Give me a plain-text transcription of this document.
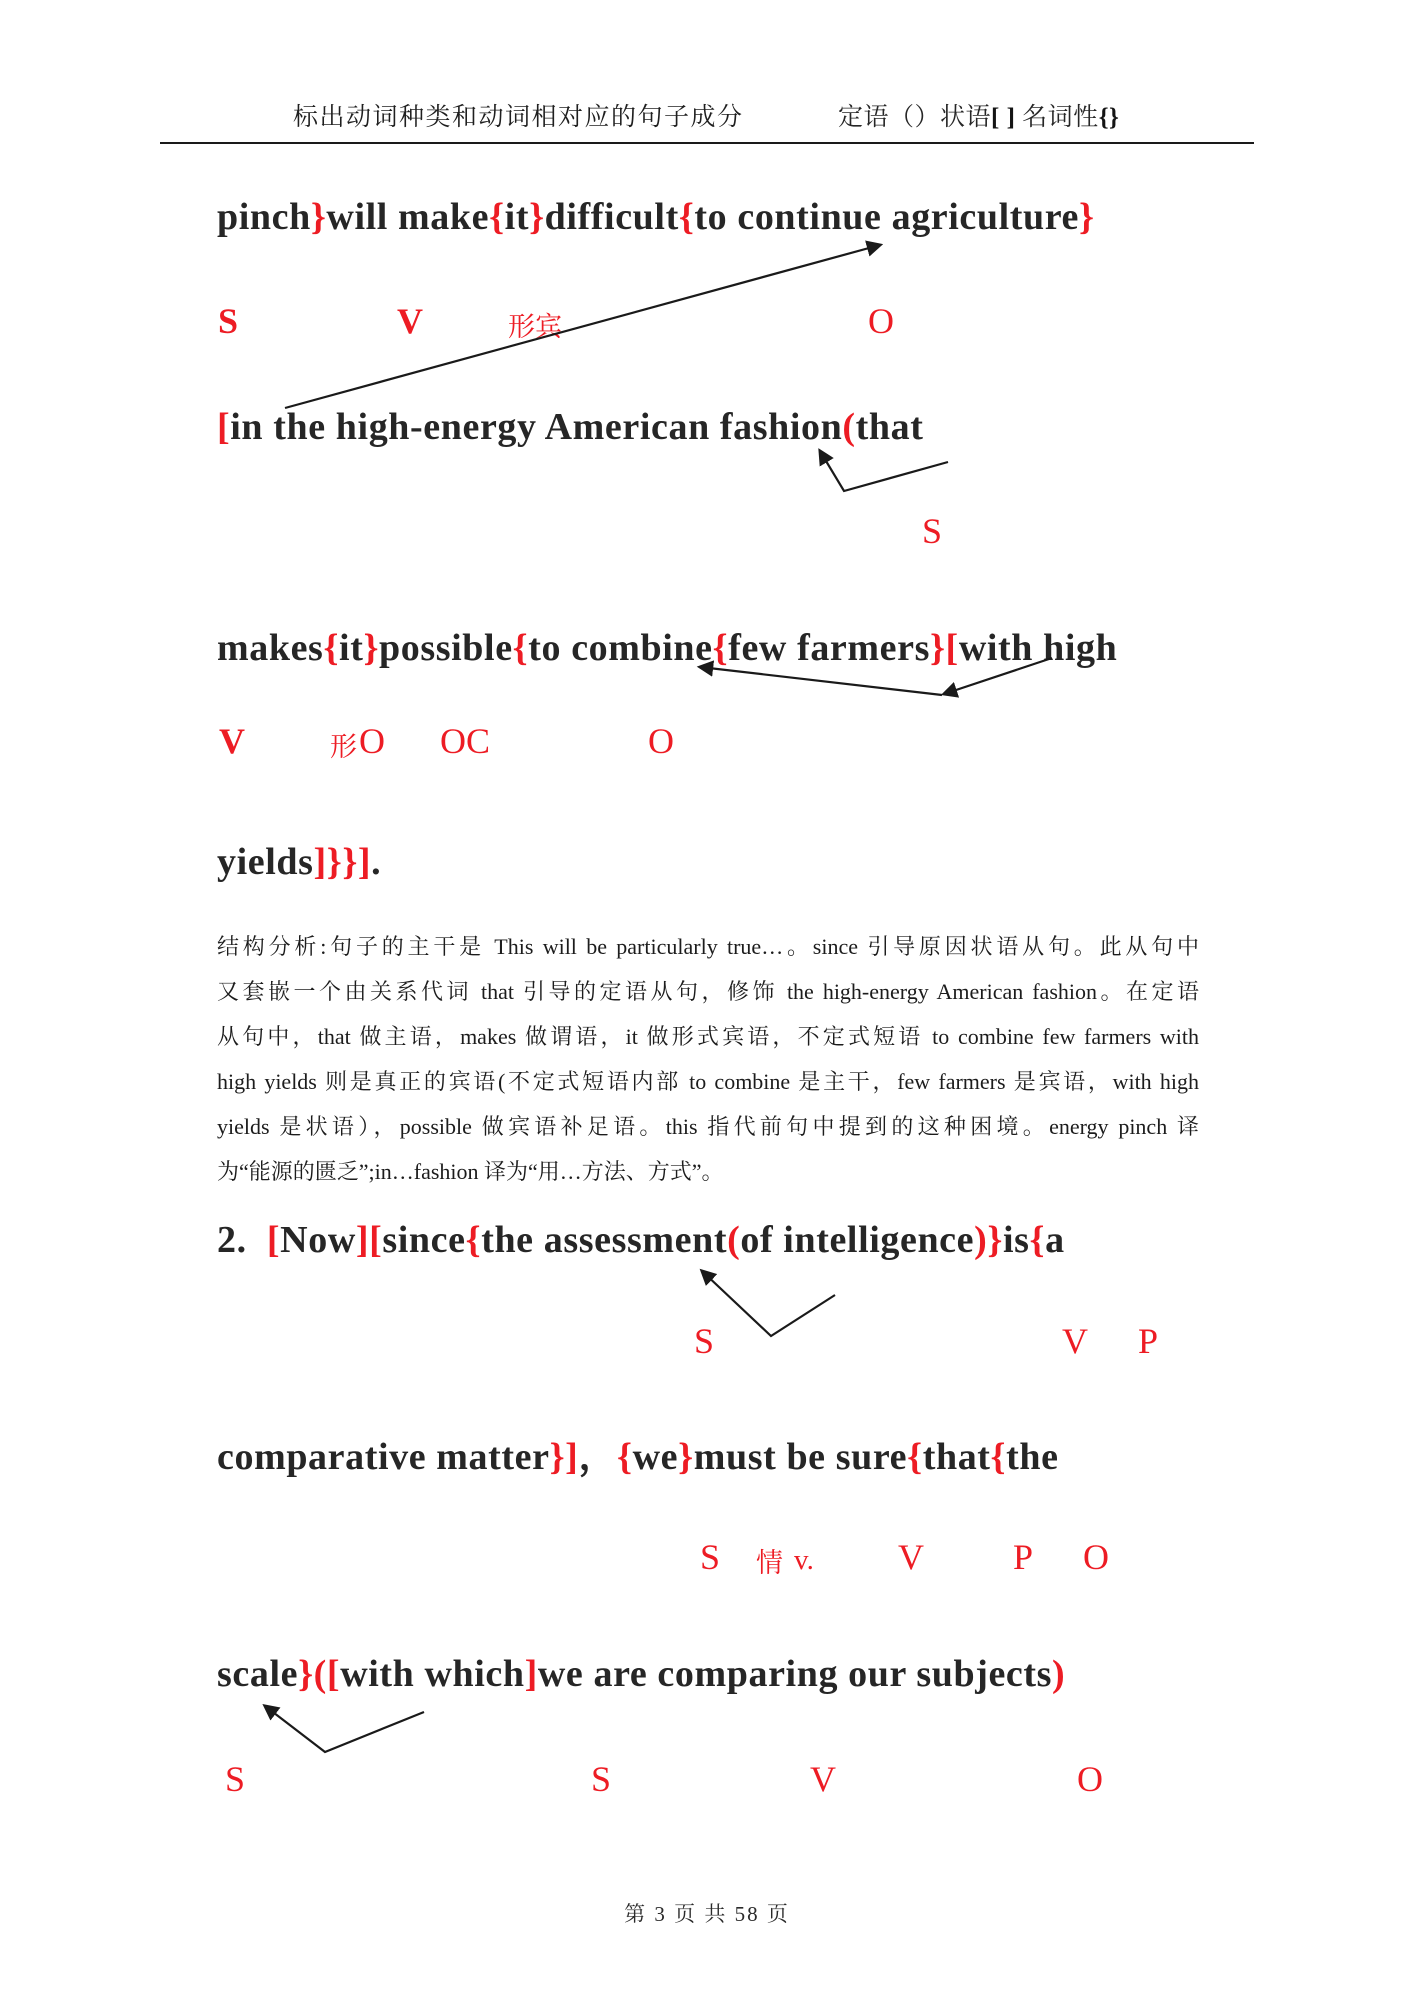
标出动词种类和动词相对应的句子成分	定语（）状语[ ] 名词性{}
pinch}will make{it}difficult{to continue agriculture}
S	V	形宾	O
[in the high-energy American fashion(that
S
makes{it}possible{to combine{few farmers}[with high
V	形 O OC	O
yields]}}].
结构分析:句子的主干是 This will be particularly true…。since 引导原因状语从句。此从句中
又套嵌一个由关系代词 that 引导的定语从句，修饰 the high-energy American fashion。在定语
从句中，that 做主语，makes 做谓语，it 做形式宾语，不定式短语 to combine few farmers with
high yields 则是真正的宾语(不定式短语内部 to combine 是主干，few farmers 是宾语，with high
yields 是状语），possible 做宾语补足语。this 指代前句中提到的这种困境。energy pinch 译
为“能源的匮乏”;in…fashion 译为“用…方法、方式”。
2. [Now][since{the assessment(of intelligence)}is{a
S	V P
comparative matter}]，{we}must be sure{that{the
S 情 v. V P O
scale}([with which]we are comparing our subjects)
S	S	V	O
第 3 页 共 58 页
